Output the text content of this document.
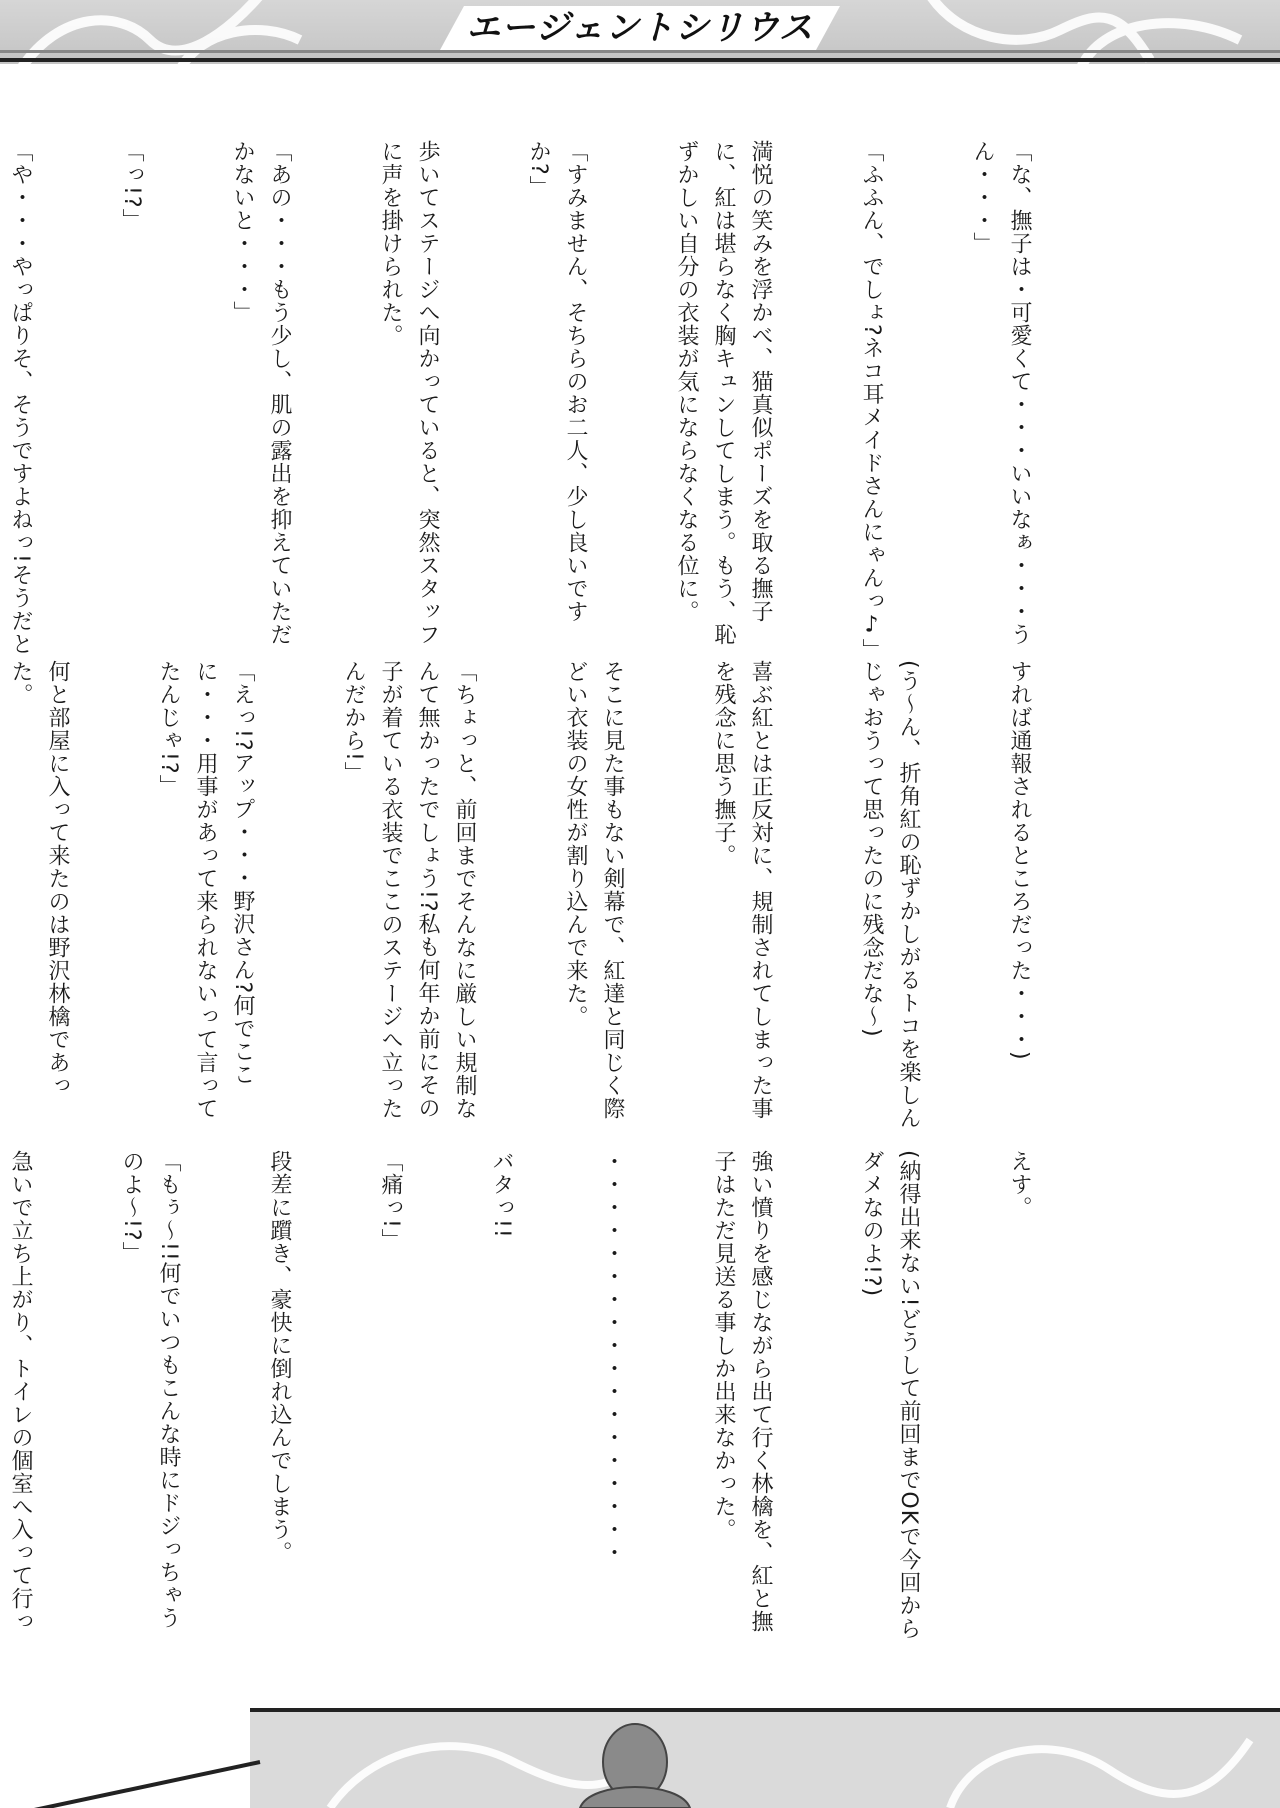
エージェントシリウス

「な、撫子は・可愛くて・・・いいなぁ・・・うん・・・」

「ふふん、でしょ?ネコ耳メイドさんにゃんっ♪」

満悦の笑みを浮かべ、猫真似ポーズを取る撫子に、紅は堪らなく胸キュンしてしまう。もう、恥ずかしい自分の衣装が気にならなくなる位に。

「すみません、そちらのお二人、少し良いですか?」

歩いてステージへ向かっていると、突然スタッフに声を掛けられた。

「あの・・・もう少し、肌の露出を抑えていただかないと・・・」

「っ!?」

「や・・・やっぱりそ、そうですよねっ!そうだと

すれば通報されるところだった・・・)

(う〜ん、折角紅の恥ずかしがるトコを楽しんじゃおうって思ったのに残念だな〜)

喜ぶ紅とは正反対に、規制されてしまった事を残念に思う撫子。

そこに見た事もない剣幕で、紅達と同じく際どい衣装の女性が割り込んで来た。

「ちょっと、前回までそんなに厳しい規制なんて無かったでしょう!?私も何年か前にその子が着ている衣装でここのステージへ立ったんだから!」

「えっ!?アップ・・・野沢さん?何でここに・・・用事があって来られないって言ってたんじゃ!?」

何と部屋に入って来たのは野沢林檎であった。

えす。

(納得出来ない!どうして前回までOKで今回からダメなのよ!?)

強い憤りを感じながら出て行く林檎を、紅と撫子はただ見送る事しか出来なかった。

・・・・・・・・・・・・・・・・・・

バタっ!!

「痛っ!」

段差に躓き、豪快に倒れ込んでしまう。

「もぅ〜!!何でいつもこんな時にドジっちゃうのよ〜!?」

急いで立ち上がり、トイレの個室へ入って行っ
